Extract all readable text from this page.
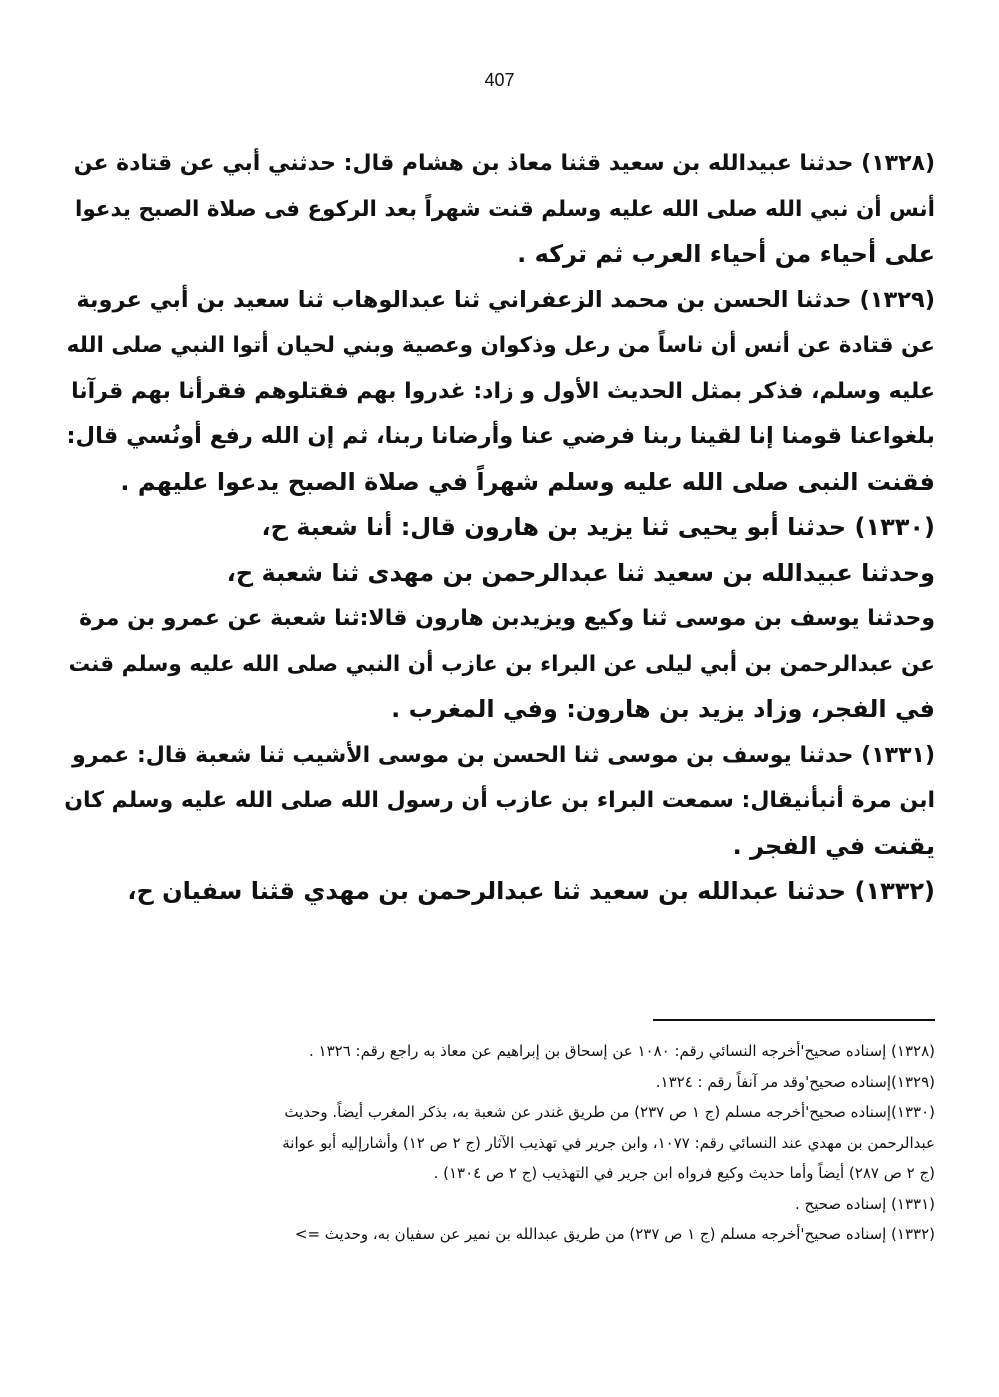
407
(١٣٢٨) حدثنا عبيدالله بن سعيد قثنا معاذ بن هشام قال: حدثني أبي عن قتادة عن
أنس أن نبي الله صلى الله عليه وسلم قنت شهراً بعد الركوع فى صلاة الصبح يدعوا
على أحياء من أحياء العرب ثم تركه .
(١٣٢٩) حدثنا الحسن بن محمد الزعفراني ثنا عبدالوهاب ثنا سعيد بن أبي عروبة
عن قتادة عن أنس أن ناساً من رعل وذكوان وعصية وبني لحيان أتوا النبي صلى الله
عليه وسلم، فذكر بمثل الحديث الأول و زاد: غدروا بهم فقتلوهم فقرأنا بهم قرآنا
بلغواعنا قومنا إنا لقينا ربنا فرضي عنا وأرضانا ربنا، ثم إن الله رفع أونُسي قال:
فقنت النبى صلى الله عليه وسلم شهراً في صلاة الصبح يدعوا عليهم .
(١٣٣٠) حدثنا أبو يحيى ثنا يزيد بن هارون قال: أنا شعبة ح،
وحدثنا عبيدالله بن سعيد ثنا عبدالرحمن بن مهدى ثنا شعبة ح،
وحدثنا يوسف بن موسى ثنا وكيع ويزيدبن هارون قالا:ثنا شعبة عن عمرو بن مرة
عن عبدالرحمن بن أبي ليلى عن البراء بن عازب أن النبي صلى الله عليه وسلم قنت
في الفجر، وزاد يزيد بن هارون: وفي المغرب .
(١٣٣١) حدثنا يوسف بن موسى ثنا الحسن بن موسى الأشيب ثنا شعبة قال: عمرو
ابن مرة أنبأنيقال: سمعت البراء بن عازب أن رسول الله صلى الله عليه وسلم كان
يقنت في الفجر .
(١٣٣٢) حدثنا عبدالله بن سعيد ثنا عبدالرحمن بن مهدي قثنا سفيان ح،
(١٣٢٨) إسناده صحيح'أخرجه النسائي رقم: ١٠٨٠ عن إسحاق بن إبراهيم عن معاذ به راجع رقم: ١٣٢٦ .
(١٣٢٩)إسناده صحيح'وقد مر آنفاً رقم : ١٣٢٤.
(١٣٣٠)إسناده صحيح'أخرجه مسلم (ج ١ ص ٢٣٧) من طريق غندر عن شعبة به، بذكر المغرب أيضاً. وحديث
عبدالرحمن بن مهدي عند النسائي رقم: ١٠٧٧، وابن جرير في تهذيب الآثار (ج ٢ ص ١٢) وأشارإليه أبو عوانة
(ج ٢ ص ٢٨٧) أيضاً وأما حديث وكيع فرواه ابن جرير في التهذيب (ج ٢ ص ١٣٠٤) .
(١٣٣١) إسناده صحيح .
(١٣٣٢) إسناده صحيح'أخرجه مسلم (ج ١ ص ٢٣٧) من طريق عبدالله بن نمير عن سفيان به، وحديث =>
